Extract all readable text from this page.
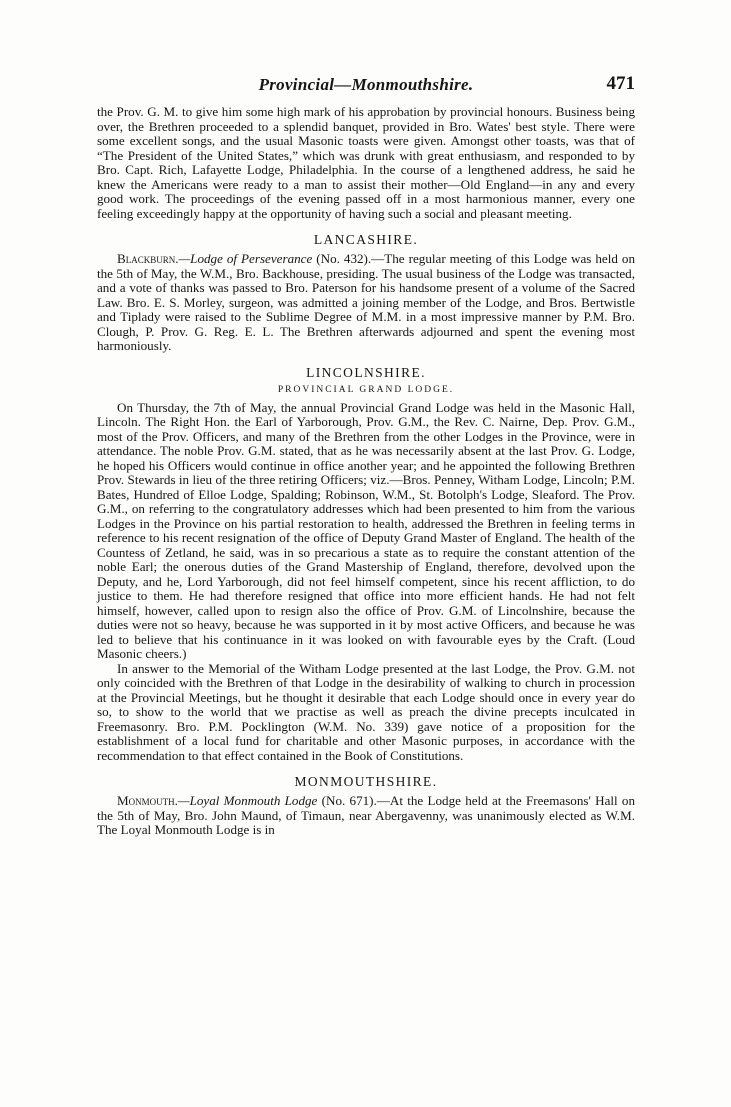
Provincial—Monmouthshire.	471

the Prov. G. M. to give him some high mark of his approbation by provincial honours. Business being over, the Brethren proceeded to a splendid banquet, provided in Bro. Wates' best style. There were some excellent songs, and the usual Masonic toasts were given. Amongst other toasts, was that of “The President of the United States,” which was drunk with great enthusiasm, and responded to by Bro. Capt. Rich, Lafayette Lodge, Philadelphia. In the course of a lengthened address, he said he knew the Americans were ready to a man to assist their mother—Old England—in any and every good work. The proceedings of the evening passed off in a most harmonious manner, every one feeling exceedingly happy at the opportunity of having such a social and pleasant meeting.

LANCASHIRE.

Blackburn.—Lodge of Perseverance (No. 432).—The regular meeting of this Lodge was held on the 5th of May, the W.M., Bro. Backhouse, presiding. The usual business of the Lodge was transacted, and a vote of thanks was passed to Bro. Paterson for his handsome present of a volume of the Sacred Law. Bro. E. S. Morley, surgeon, was admitted a joining member of the Lodge, and Bros. Bertwistle and Tiplady were raised to the Sublime Degree of M.M. in a most impressive manner by P.M. Bro. Clough, P. Prov. G. Reg. E. L. The Brethren afterwards adjourned and spent the evening most harmoniously.

LINCOLNSHIRE.
PROVINCIAL GRAND LODGE.

On Thursday, the 7th of May, the annual Provincial Grand Lodge was held in the Masonic Hall, Lincoln. The Right Hon. the Earl of Yarborough, Prov. G.M., the Rev. C. Nairne, Dep. Prov. G.M., most of the Prov. Officers, and many of the Brethren from the other Lodges in the Province, were in attendance. The noble Prov. G.M. stated, that as he was necessarily absent at the last Prov. G. Lodge, he hoped his Officers would continue in office another year; and he appointed the following Brethren Prov. Stewards in lieu of the three retiring Officers; viz.—Bros. Penney, Witham Lodge, Lincoln; P.M. Bates, Hundred of Elloe Lodge, Spalding; Robinson, W.M., St. Botolph's Lodge, Sleaford. The Prov. G.M., on referring to the congratulatory addresses which had been presented to him from the various Lodges in the Province on his partial restoration to health, addressed the Brethren in feeling terms in reference to his recent resignation of the office of Deputy Grand Master of England. The health of the Countess of Zetland, he said, was in so precarious a state as to require the constant attention of the noble Earl; the onerous duties of the Grand Mastership of England, therefore, devolved upon the Deputy, and he, Lord Yarborough, did not feel himself competent, since his recent affliction, to do justice to them. He had therefore resigned that office into more efficient hands. He had not felt himself, however, called upon to resign also the office of Prov. G.M. of Lincolnshire, because the duties were not so heavy, because he was supported in it by most active Officers, and because he was led to believe that his continuance in it was looked on with favourable eyes by the Craft. (Loud Masonic cheers.)

In answer to the Memorial of the Witham Lodge presented at the last Lodge, the Prov. G.M. not only coincided with the Brethren of that Lodge in the desirability of walking to church in procession at the Provincial Meetings, but he thought it desirable that each Lodge should once in every year do so, to show to the world that we practise as well as preach the divine precepts inculcated in Freemasonry. Bro. P.M. Pocklington (W.M. No. 339) gave notice of a proposition for the establishment of a local fund for charitable and other Masonic purposes, in accordance with the recommendation to that effect contained in the Book of Constitutions.

MONMOUTHSHIRE.

Monmouth.—Loyal Monmouth Lodge (No. 671).—At the Lodge held at the Freemasons' Hall on the 5th of May, Bro. John Maund, of Timaun, near Abergavenny, was unanimously elected as W.M. The Loyal Monmouth Lodge is in
